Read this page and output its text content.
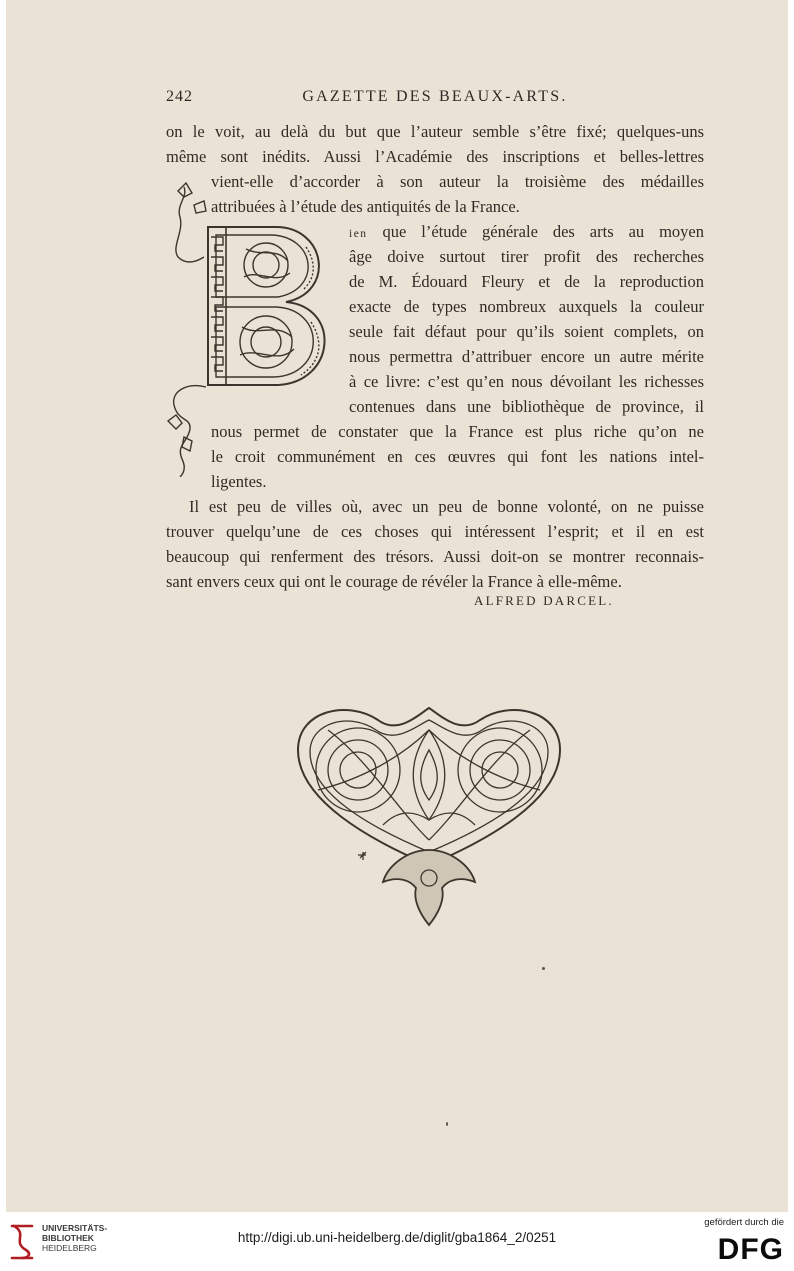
242	GAZETTE DES BEAUX-ARTS.
on le voit, au delà du but que l’auteur semble s’être fixé; quelques-uns
même sont inédits. Aussi l’Académie des inscriptions et belles-lettres
vient-elle d’accorder à son auteur la troisième des médailles
attribuées à l’étude des antiquités de la France.
ien que l’étude générale des arts au moyen
âge doive surtout tirer profit des recherches
de M. Édouard Fleury et de la reproduction
exacte de types nombreux auxquels la couleur
seule fait défaut pour qu’ils soient complets, on
nous permettra d’attribuer encore un autre mérite
à ce livre: c’est qu’en nous dévoilant les richesses
contenues dans une bibliothèque de province, il
nous permet de constater que la France est plus riche qu’on ne
le croit communément en ces œuvres qui font les nations intel-
ligentes.
Il est peu de villes où, avec un peu de bonne volonté, on ne puisse
trouver quelqu’une de ces choses qui intéressent l’esprit; et il en est
beaucoup qui renferment des trésors. Aussi doit-on se montrer reconnais-
sant envers ceux qui ont le courage de révéler la France à elle-même.
ALFRED DARCEL.
UNIVERSITÄTS-
BIBLIOTHEK
HEIDELBERG
http://digi.ub.uni-heidelberg.de/diglit/gba1864_2/0251
gefördert durch die
DFG
